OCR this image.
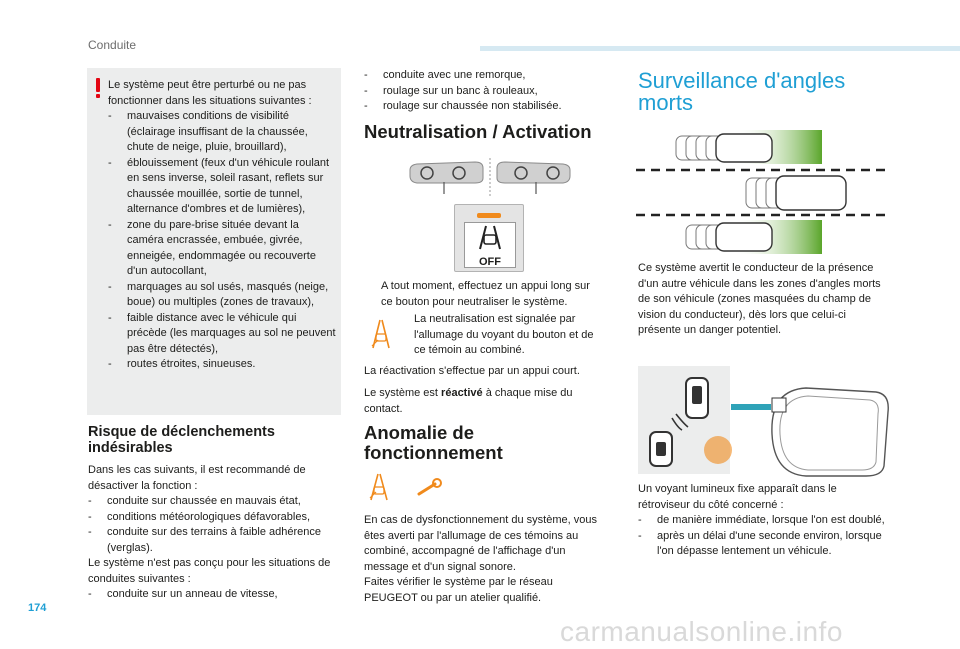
Conduite
Le système peut être perturbé ou ne pas fonctionner dans les situations suivantes :
- mauvaises conditions de visibilité (éclairage insuffisant de la chaussée, chute de neige, pluie, brouillard),
- éblouissement (feux d'un véhicule roulant en sens inverse, soleil rasant, reflets sur chaussée mouillée, sortie de tunnel, alternance d'ombres et de lumières),
- zone du pare-brise située devant la caméra encrassée, embuée, givrée, enneigée, endommagée ou recouverte d'un autocollant,
- marquages au sol usés, masqués (neige, boue) ou multiples (zones de travaux),
- faible distance avec le véhicule qui précède (les marquages au sol ne peuvent pas être détectés),
- routes étroites, sinueuses.
Risque de déclenchements indésirables
Dans les cas suivants, il est recommandé de désactiver la fonction :
- conduite sur chaussée en mauvais état,
- conditions météorologiques défavorables,
- conduite sur des terrains à faible adhérence (verglas).
Le système n'est pas conçu pour les situations de conduites suivantes :
- conduite sur un anneau de vitesse,
- conduite avec une remorque,
- roulage sur un banc à rouleaux,
- roulage sur chaussée non stabilisée.
Neutralisation / Activation
OFF
A tout moment, effectuez un appui long sur ce bouton pour neutraliser le système.
La neutralisation est signalée par l'allumage du voyant du bouton et de ce témoin au combiné.
La réactivation s'effectue par un appui court.
Le système est réactivé à chaque mise du contact.
Anomalie de fonctionnement
En cas de dysfonctionnement du système, vous êtes averti par l'allumage de ces témoins au combiné, accompagné de l'affichage d'un message et d'un signal sonore.
Faites vérifier le système par le réseau PEUGEOT ou par un atelier qualifié.
Surveillance d'angles
morts
Ce système avertit le conducteur de la présence d'un autre véhicule dans les zones d'angles morts de son véhicule (zones masquées du champ de vision du conducteur), dès lors que celui-ci présente un danger potentiel.
Un voyant lumineux fixe apparaît dans le rétroviseur du côté concerné :
- de manière immédiate, lorsque l'on est doublé,
- après un délai d'une seconde environ, lorsque l'on dépasse lentement un véhicule.
174
carmanualsonline.info
